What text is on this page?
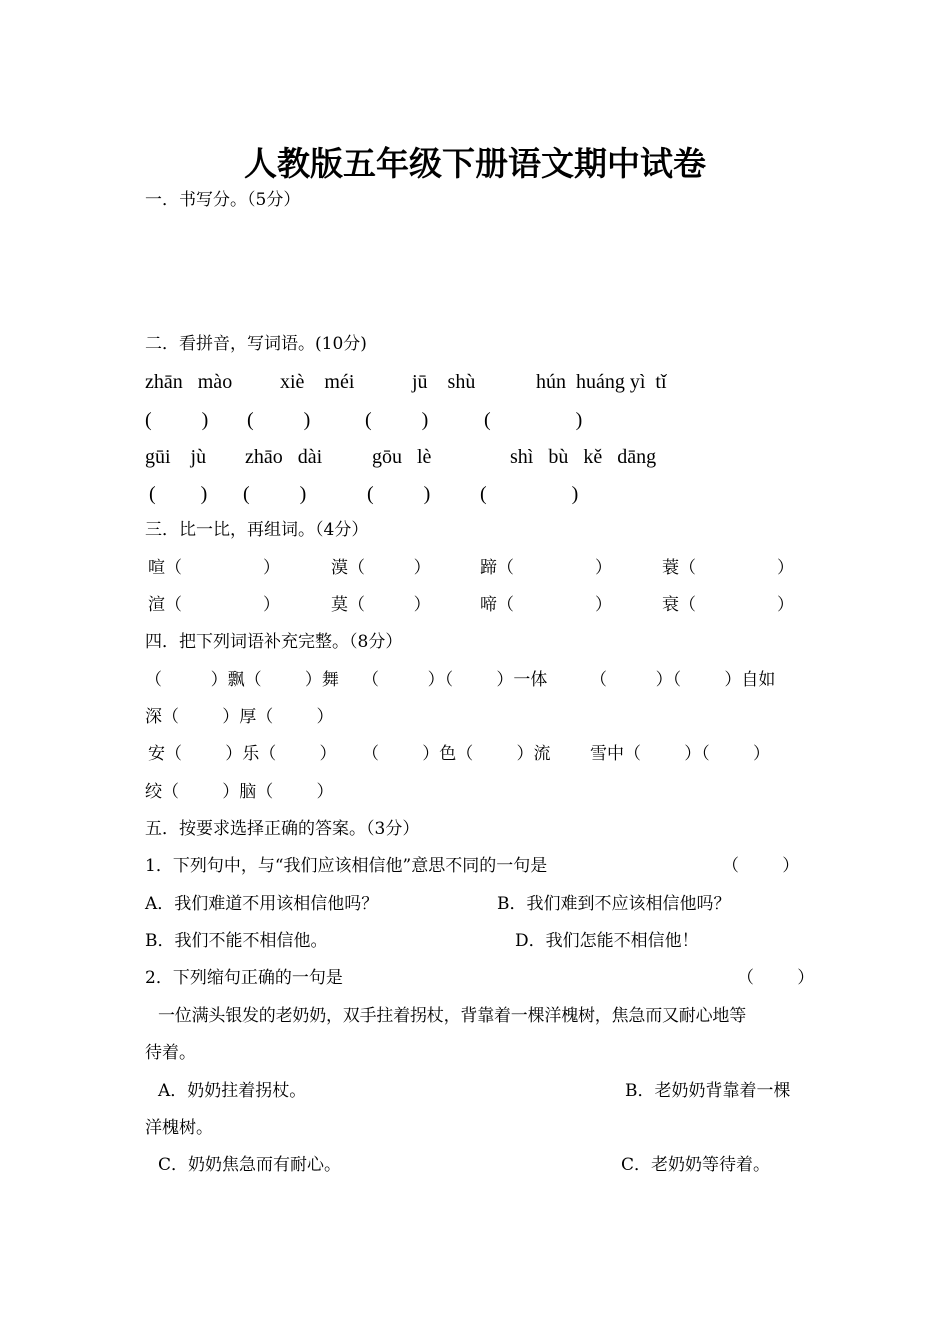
人教版五年级下册语文期中试卷
一．书写分。（5分）
二．看拼音，写词语。(10分)
zhān   mào xiè    méi	jū    shù	hún  huáng yì  tǐ
(          ) (          )	(          )	(                 )
gūi    jù zhāo   dài gōu   lè	shì   bù   kě   dāng
(         ) (          )	(          ) (                 )
三．比一比，再组词。（4分）
喧（               ）	漠（         ）	蹄（               ）	蓑（               ）
渲（               ）	莫（         ）	啼（               ）	衰（               ）
四．把下列词语补充完整。（8分）
（         ）飘（        ）舞 （         ）（        ）一体	（         ）（        ）自如
深（        ）厚（        ）
安（        ）乐（        ） （        ）色（        ）流 雪中（        ）（        ）
绞（        ）脑（        ）
五．按要求选择正确的答案。（3分）
1．下列句中，与“我们应该相信他”意思不同的一句是	（        ）
A．我们难道不用该相信他吗？	B．我们难到不应该相信他吗？
B．我们不能不相信他。	D．我们怎能不相信他！
2．下列缩句正确的一句是	（        ）
一位满头银发的老奶奶，双手拄着拐杖，背靠着一棵洋槐树，焦急而又耐心地等
待着。
A．奶奶拄着拐杖。	B．老奶奶背靠着一棵
洋槐树。
C．奶奶焦急而有耐心。	C．老奶奶等待着。
